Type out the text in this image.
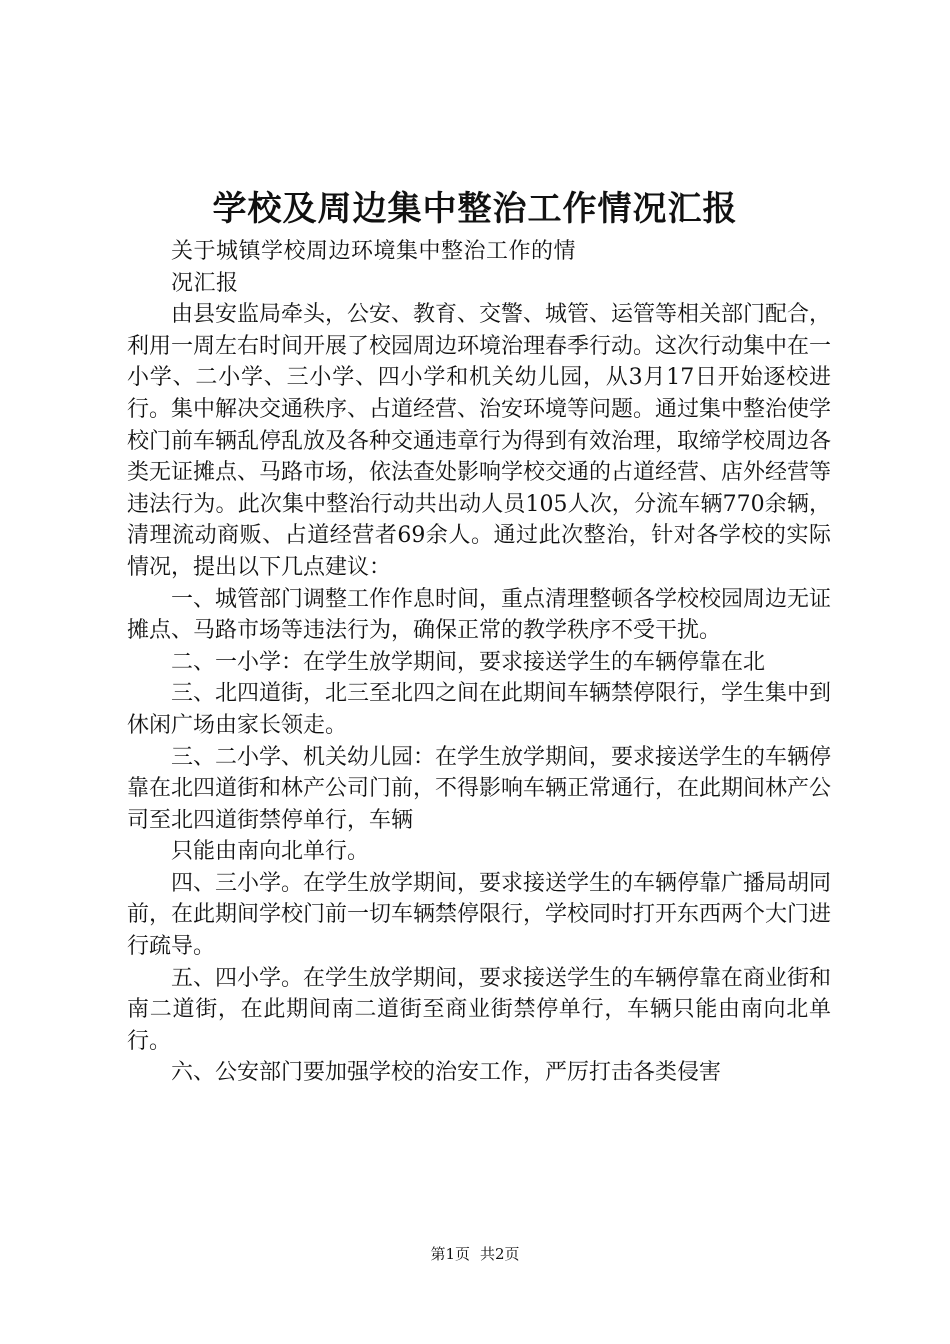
学校及周边集中整治工作情况汇报

关于城镇学校周边环境集中整治工作的情

况汇报

由县安监局牵头，公安、教育、交警、城管、运管等相关部门配合，利用一周左右时间开展了校园周边环境治理春季行动。这次行动集中在一小学、二小学、三小学、四小学和机关幼儿园，从3月17日开始逐校进行。集中解决交通秩序、占道经营、治安环境等问题。通过集中整治使学校门前车辆乱停乱放及各种交通违章行为得到有效治理，取缔学校周边各类无证摊点、马路市场，依法查处影响学校交通的占道经营、店外经营等违法行为。此次集中整治行动共出动人员105人次，分流车辆770余辆，清理流动商贩、占道经营者69余人。通过此次整治，针对各学校的实际情况，提出以下几点建议：

一、城管部门调整工作作息时间，重点清理整顿各学校校园周边无证摊点、马路市场等违法行为，确保正常的教学秩序不受干扰。

二、一小学：在学生放学期间，要求接送学生的车辆停靠在北

三、北四道街，北三至北四之间在此期间车辆禁停限行，学生集中到休闲广场由家长领走。

三、二小学、机关幼儿园：在学生放学期间，要求接送学生的车辆停靠在北四道街和林产公司门前，不得影响车辆正常通行，在此期间林产公司至北四道街禁停单行，车辆

只能由南向北单行。

四、三小学。在学生放学期间，要求接送学生的车辆停靠广播局胡同前，在此期间学校门前一切车辆禁停限行，学校同时打开东西两个大门进行疏导。

五、四小学。在学生放学期间，要求接送学生的车辆停靠在商业街和南二道街，在此期间南二道街至商业街禁停单行，车辆只能由南向北单行。

六、公安部门要加强学校的治安工作，严厉打击各类侵害

第1页 共2页
